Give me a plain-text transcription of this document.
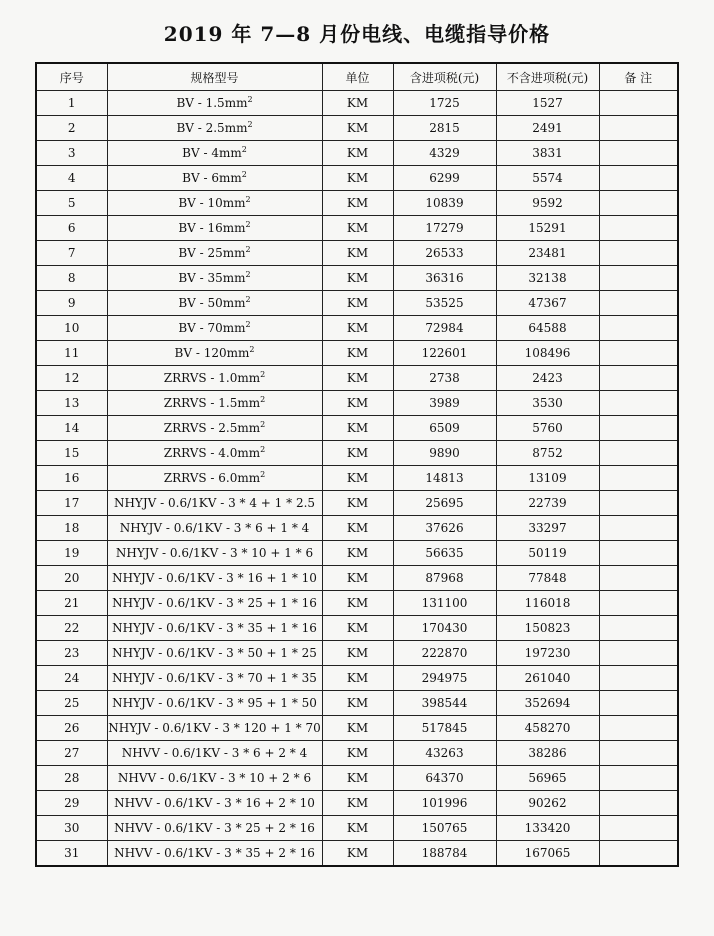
2019 年 7—8 月份电线、电缆指导价格
序号	规格型号	单位	含进项税(元)	不含进项税(元)	备 注
1	BV - $1.5mm^2$	KM	1725	1527	
2	BV - $2.5mm^2$	KM	2815	2491	
3	BV - $4mm^2$	KM	4329	3831	
4	BV - $6mm^2$	KM	6299	5574	
5	BV - $10mm^2$	KM	10839	9592	
6	BV - $16mm^2$	KM	17279	15291	
7	BV - $25mm^2$	KM	26533	23481	
8	BV - $35mm^2$	KM	36316	32138	
9	BV - $50mm^2$	KM	53525	47367	
10	BV - $70mm^2$	KM	72984	64588	
11	BV - $120mm^2$	KM	122601	108496	
12	ZRRVS - $1.0mm^2$	KM	2738	2423	
13	ZRRVS - $1.5mm^2$	KM	3989	3530	
14	ZRRVS - $2.5mm^2$	KM	6509	5760	
15	ZRRVS - $4.0mm^2$	KM	9890	8752	
16	ZRRVS - $6.0mm^2$	KM	14813	13109	
17	NHYJV - 0.6/1KV - 3 * 4 + 1 * 2.5	KM	25695	22739	
18	NHYJV - 0.6/1KV - 3 * 6 + 1 * 4	KM	37626	33297	
19	NHYJV - 0.6/1KV - 3 * 10 + 1 * 6	KM	56635	50119	
20	NHYJV - 0.6/1KV - 3 * 16 + 1 * 10	KM	87968	77848	
21	NHYJV - 0.6/1KV - 3 * 25 + 1 * 16	KM	131100	116018	
22	NHYJV - 0.6/1KV - 3 * 35 + 1 * 16	KM	170430	150823	
23	NHYJV - 0.6/1KV - 3 * 50 + 1 * 25	KM	222870	197230	
24	NHYJV - 0.6/1KV - 3 * 70 + 1 * 35	KM	294975	261040	
25	NHYJV - 0.6/1KV - 3 * 95 + 1 * 50	KM	398544	352694	
26	NHYJV - 0.6/1KV - 3 * 120 + 1 * 70	KM	517845	458270	
27	NHVV - 0.6/1KV - 3 * 6 + 2 * 4	KM	43263	38286	
28	NHVV - 0.6/1KV - 3 * 10 + 2 * 6	KM	64370	56965	
29	NHVV - 0.6/1KV - 3 * 16 + 2 * 10	KM	101996	90262	
30	NHVV - 0.6/1KV - 3 * 25 + 2 * 16	KM	150765	133420	
31	NHVV - 0.6/1KV - 3 * 35 + 2 * 16	KM	188784	167065	
